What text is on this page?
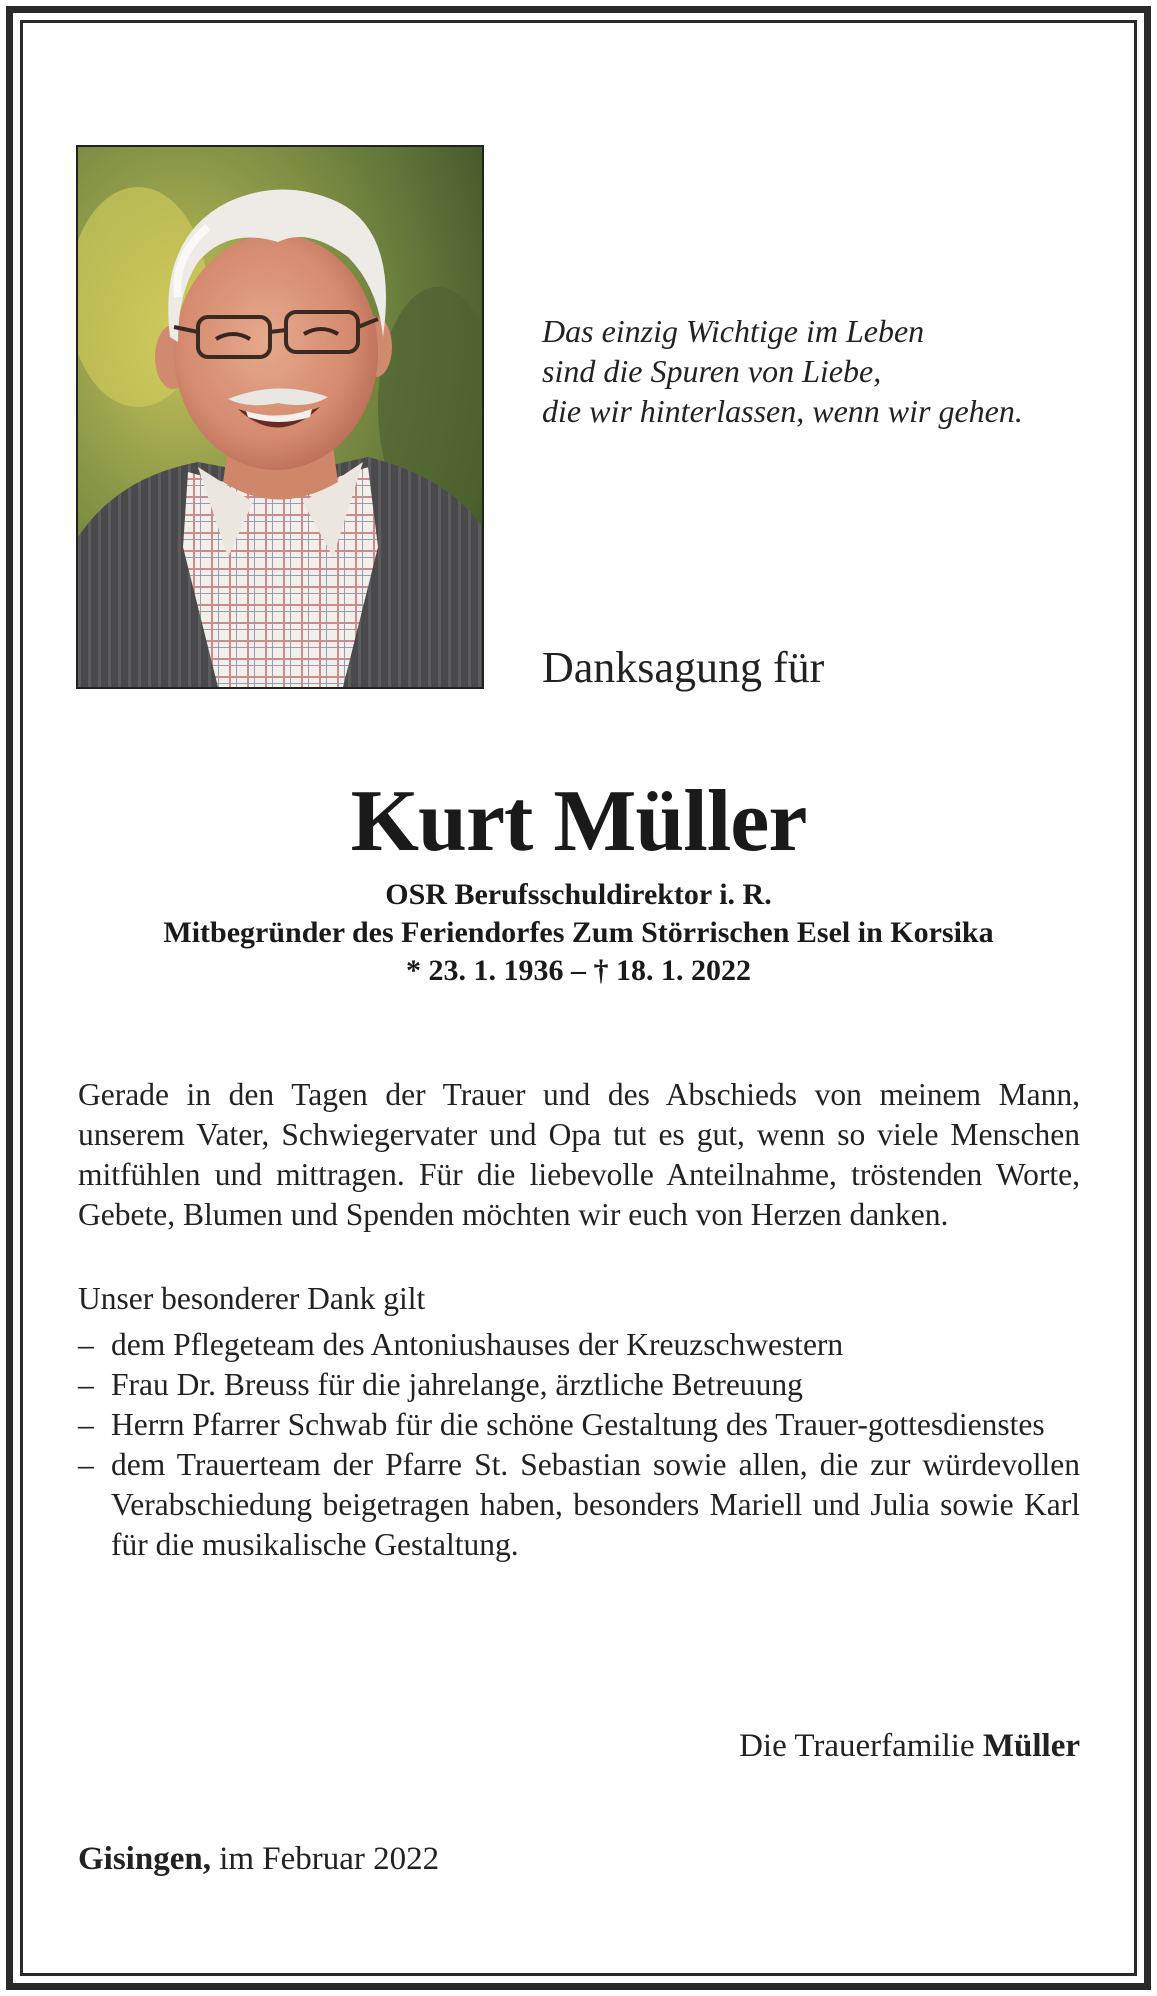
Das einzig Wichtige im Leben
sind die Spuren von Liebe,
die wir hinterlassen, wenn wir gehen.
Danksagung für
Kurt Müller
OSR Berufsschuldirektor i. R.
Mitbegründer des Feriendorfes Zum Störrischen Esel in Korsika
* 23. 1. 1936 – † 18. 1. 2022
Gerade in den Tagen der Trauer und des Abschieds von meinem Mann, unserem Vater, Schwiegervater und Opa tut es gut, wenn so viele Menschen mitfühlen und mittragen. Für die liebevolle Anteilnahme, tröstenden Worte, Gebete, Blumen und Spenden möchten wir euch von Herzen danken.
Unser besonderer Dank gilt
– dem Pflegeteam des Antoniushauses der Kreuzschwestern
– Frau Dr. Breuss für die jahrelange, ärztliche Betreuung
– Herrn Pfarrer Schwab für die schöne Gestaltung des Trauer-gottesdienstes
– dem Trauerteam der Pfarre St. Sebastian sowie allen, die zur würdevollen Verabschiedung beigetragen haben, besonders Mariell und Julia sowie Karl für die musikalische Gestaltung.
Die Trauerfamilie Müller
Gisingen, im Februar 2022
